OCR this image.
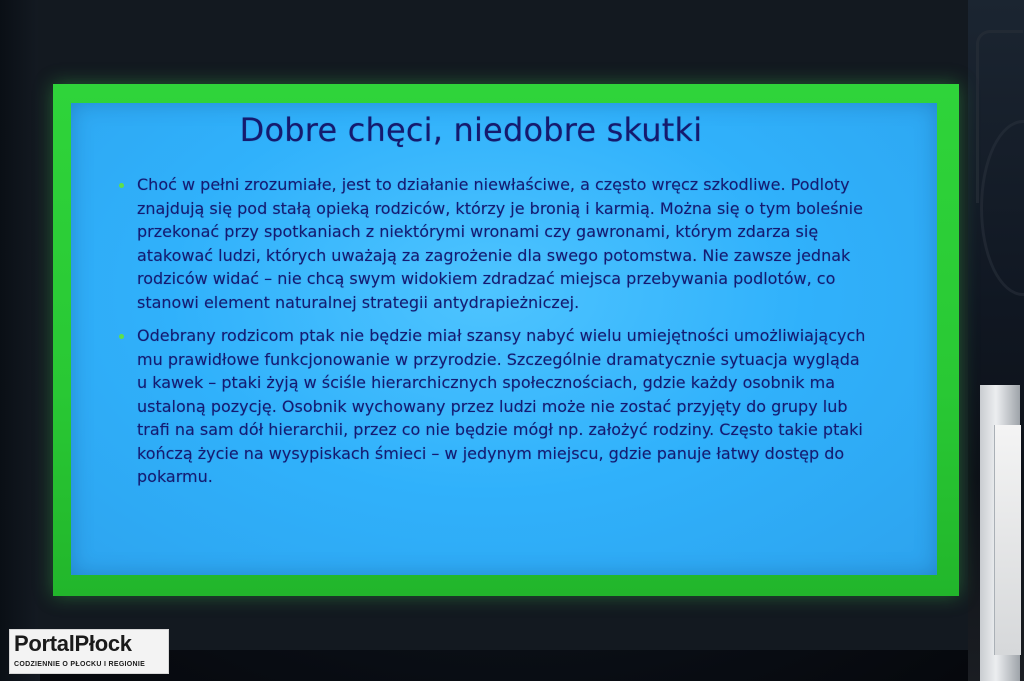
Dobre chęci, niedobre skutki
Choć w pełni zrozumiałe, jest to działanie niewłaściwe, a często wręcz szkodliwe. Podloty znajdują się pod stałą opieką rodziców, którzy je bronią i karmią. Można się o tym boleśnie przekonać przy spotkaniach z niektórymi wronami czy gawronami, którym zdarza się atakować ludzi, których uważają za zagrożenie dla swego potomstwa. Nie zawsze jednak rodziców widać – nie chcą swym widokiem zdradzać miejsca przebywania podlotów, co stanowi element naturalnej strategii antydrapieżniczej.
Odebrany rodzicom ptak nie będzie miał szansy nabyć wielu umiejętności umożliwiających mu prawidłowe funkcjonowanie w przyrodzie. Szczególnie dramatycznie sytuacja wygląda u kawek – ptaki żyją w ściśle hierarchicznych społecznościach, gdzie każdy osobnik ma ustaloną pozycję. Osobnik wychowany przez ludzi może nie zostać przyjęty do grupy lub trafi na sam dół hierarchii, przez co nie będzie mógł np. założyć rodziny. Często takie ptaki kończą życie na wysypiskach śmieci – w jedynym miejscu, gdzie panuje łatwy dostęp do pokarmu.
PortalPłock
CODZIENNIE O PŁOCKU I REGIONIE
